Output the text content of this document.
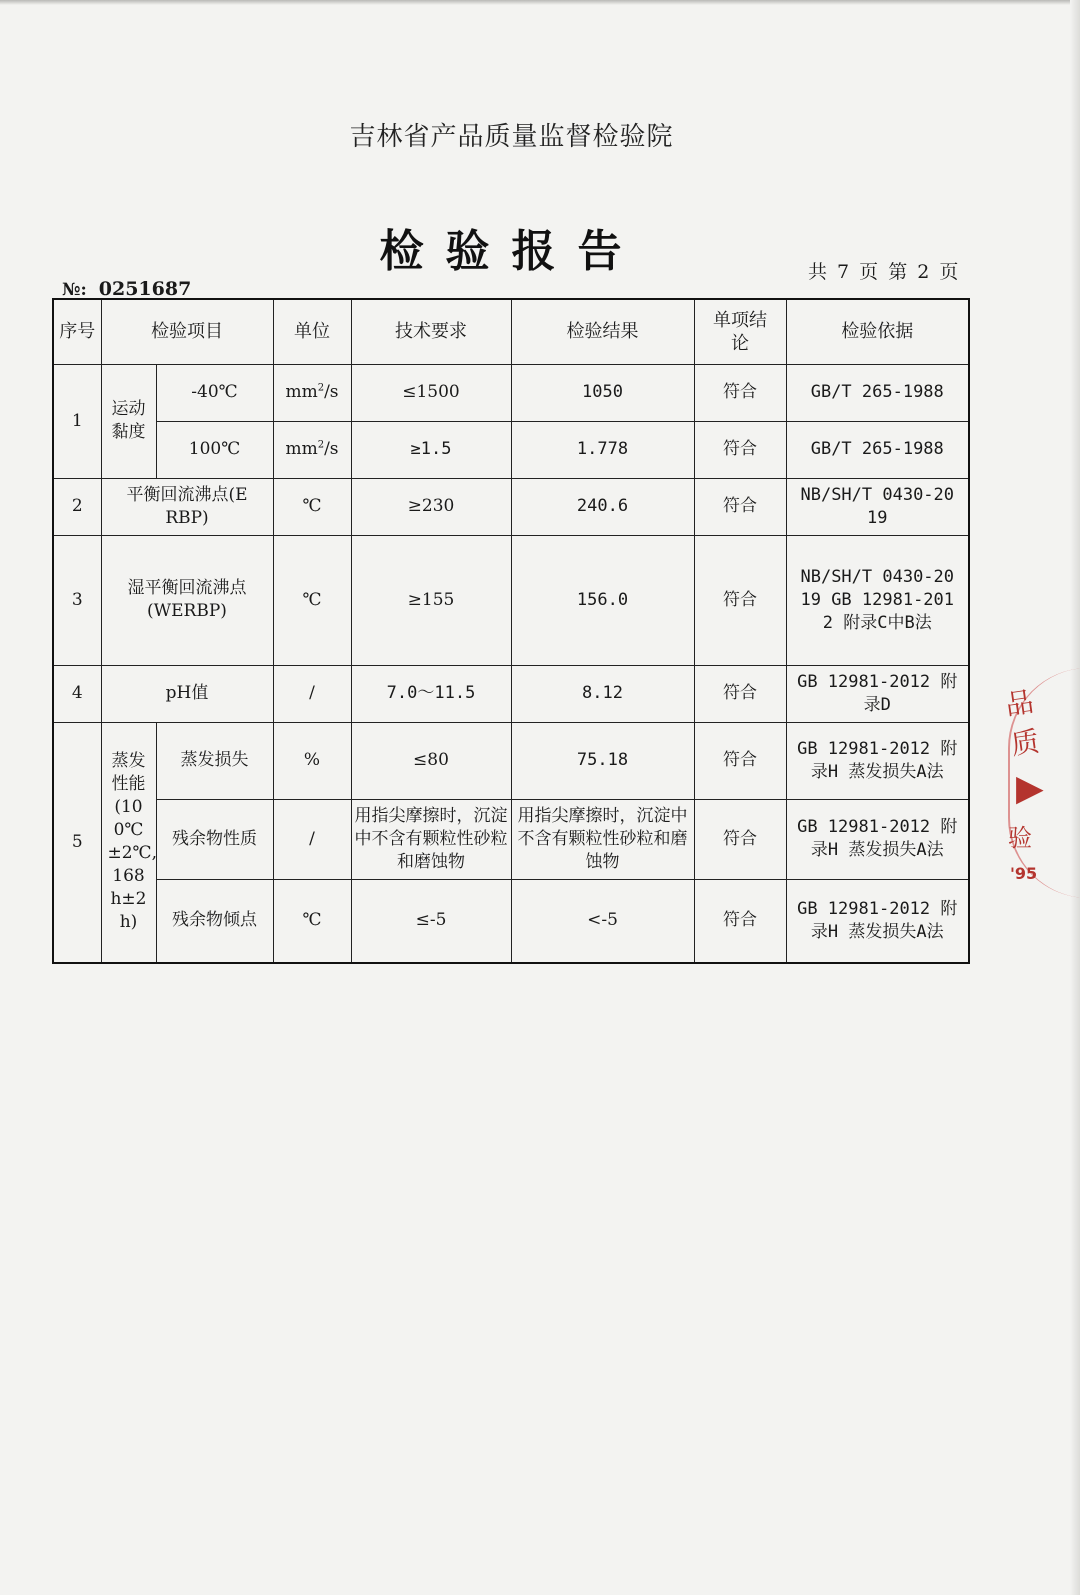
吉林省产品质量监督检验院
检验报告
№: 0251687
共 7 页 第 2 页
序号	检验项目		单位	技术要求	检验结果	单项结论	检验依据
1	运动黏度	-40℃	$mm^2/s$	≤1500	1050	符合	GB/T 265-1988
		100℃	$mm^2/s$	≥1.5	1.778	符合	GB/T 265-1988
2	平衡回流沸点(ERBP)		℃	≥230	240.6	符合	NB/SH/T 0430-2019
3	湿平衡回流沸点(WERBP)		℃	≥155	156.0	符合	NB/SH/T 0430-2019 GB 12981-2012 附录C中B法
4	pH值		/	7.0～11.5	8.12	符合	GB 12981-2012 附录D
5	蒸发性能(100℃±2℃,168h±2h)	蒸发损失	%	≤80	75.18	符合	GB 12981-2012 附录H 蒸发损失A法
		残余物性质	/	用指尖摩擦时，沉淀中不含有颗粒性砂粒和磨蚀物	用指尖摩擦时，沉淀中不含有颗粒性砂粒和磨蚀物	符合	GB 12981-2012 附录H 蒸发损失A法
		残余物倾点	℃	≤-5	<-5	符合	GB 12981-2012 附录H 蒸发损失A法
品质
▶
验
'95
